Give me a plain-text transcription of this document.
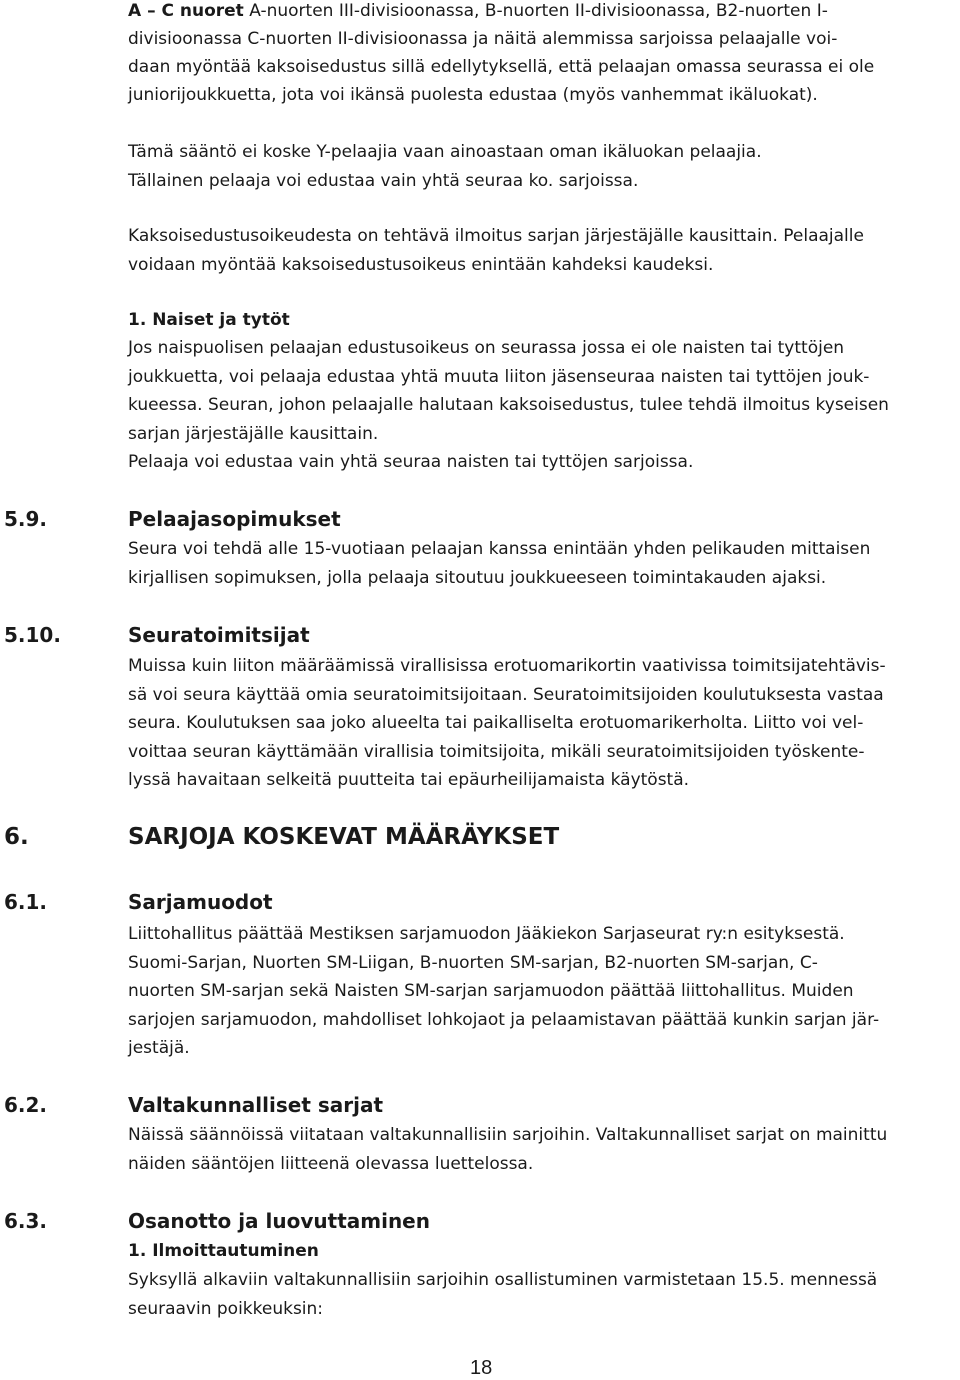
A – C nuoret A-nuorten III-divisioonassa, B-nuorten II-divisioonassa, B2-nuorten I-
divisioonassa C-nuorten II-divisioonassa ja näitä alemmissa sarjoissa pelaajalle voi-
daan myöntää kaksoisedustus sillä edellytyksellä, että pelaajan omassa seurassa ei ole
juniorijoukkuetta, jota voi ikänsä puolesta edustaa (myös vanhemmat ikäluokat).
Tämä sääntö ei koske Y-pelaajia vaan ainoastaan oman ikäluokan pelaajia.
Tällainen pelaaja voi edustaa vain yhtä seuraa ko. sarjoissa.
Kaksoisedustusoikeudesta on tehtävä ilmoitus sarjan järjestäjälle kausittain. Pelaajalle
voidaan myöntää kaksoisedustusoikeus enintään kahdeksi kaudeksi.

1. Naiset ja tytöt

Jos naispuolisen pelaajan edustusoikeus on seurassa jossa ei ole naisten tai tyttöjen
joukkuetta, voi pelaaja edustaa yhtä muuta liiton jäsenseuraa naisten tai tyttöjen jouk-
kueessa. Seuran, johon pelaajalle halutaan kaksoisedustus, tulee tehdä ilmoitus kyseisen
sarjan järjestäjälle kausittain.
Pelaaja voi edustaa vain yhtä seuraa naisten tai tyttöjen sarjoissa.

5.9.	Pelaajasopimukset

Seura voi tehdä alle 15-vuotiaan pelaajan kanssa enintään yhden pelikauden mittaisen
kirjallisen sopimuksen, jolla pelaaja sitoutuu joukkueeseen toimintakauden ajaksi.

5.10.	Seuratoimitsijat

Muissa kuin liiton määräämissä virallisissa erotuomarikortin vaativissa toimitsijatehtävis-
sä voi seura käyttää omia seuratoimitsijoitaan. Seuratoimitsijoiden koulutuksesta vastaa
seura. Koulutuksen saa joko alueelta tai paikalliselta erotuomarikerholta. Liitto voi vel-
voittaa seuran käyttämään virallisia toimitsijoita, mikäli seuratoimitsijoiden työskente-
lyssä havaitaan selkeitä puutteita tai epäurheilijamaista käytöstä.

6.	SARJOJA KOSKEVAT MÄÄRÄYKSET

6.1.	Sarjamuodot

Liittohallitus päättää Mestiksen sarjamuodon Jääkiekon Sarjaseurat ry:n esityksestä.
Suomi-Sarjan, Nuorten SM-Liigan, B-nuorten SM-sarjan, B2-nuorten SM-sarjan, C-
nuorten SM-sarjan sekä Naisten SM-sarjan sarjamuodon päättää liittohallitus. Muiden
sarjojen sarjamuodon, mahdolliset lohkojaot ja pelaamistavan päättää kunkin sarjan jär-
jestäjä.

6.2.	Valtakunnalliset sarjat

Näissä säännöissä viitataan valtakunnallisiin sarjoihin. Valtakunnalliset sarjat on mainittu
näiden sääntöjen liitteenä olevassa luettelossa.

6.3.	Osanotto ja luovuttaminen

1. Ilmoittautuminen

Syksyllä alkaviin valtakunnallisiin sarjoihin osallistuminen varmistetaan 15.5. mennessä
seuraavin poikkeuksin:

18
